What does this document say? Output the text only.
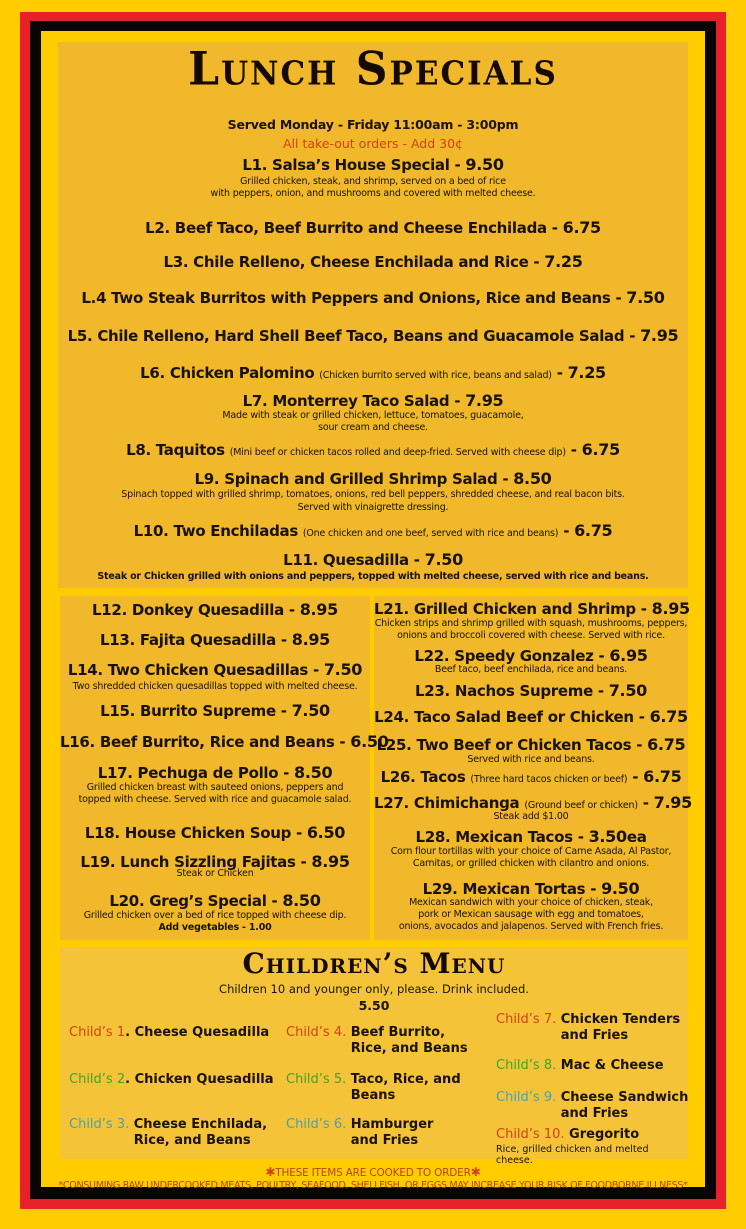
Lunch Specials
Served Monday - Friday 11:00am - 3:00pm
All take-out orders - Add 30¢
L1. Salsa’s House Special - 9.50
Grilled chicken, steak, and shrimp, served on a bed of rice
with peppers, onion, and mushrooms and covered with melted cheese.
L2. Beef Taco, Beef Burrito and Cheese Enchilada - 6.75
L3. Chile Relleno, Cheese Enchilada and Rice - 7.25
L.4 Two Steak Burritos with Peppers and Onions, Rice and Beans - 7.50
L5. Chile Relleno, Hard Shell Beef Taco, Beans and Guacamole Salad - 7.95
L6. Chicken Palomino (Chicken burrito served with rice, beans and salad) - 7.25
L7. Monterrey Taco Salad - 7.95
Made with steak or grilled chicken, lettuce, tomatoes, guacamole,
sour cream and cheese.
L8. Taquitos (Mini beef or chicken tacos rolled and deep-fried. Served with cheese dip) - 6.75
L9. Spinach and Grilled Shrimp Salad - 8.50
Spinach topped with grilled shrimp, tomatoes, onions, red bell peppers, shredded cheese, and real bacon bits.
Served with vinaigrette dressing.
L10. Two Enchiladas (One chicken and one beef, served with rice and beans) - 6.75
L11. Quesadilla - 7.50
Steak or Chicken grilled with onions and peppers, topped with melted cheese, served with rice and beans.
L12. Donkey Quesadilla - 8.95
L13. Fajita Quesadilla - 8.95
L14. Two Chicken Quesadillas - 7.50
Two shredded chicken quesadillas topped with melted cheese.
L15. Burrito Supreme - 7.50
L16. Beef Burrito, Rice and Beans - 6.50
L17. Pechuga de Pollo - 8.50
Grilled chicken breast with sauteed onions, peppers and
topped with cheese. Served with rice and guacamole salad.
L18. House Chicken Soup - 6.50
L19. Lunch Sizzling Fajitas - 8.95
Steak or Chicken
L20. Greg’s Special - 8.50
Grilled chicken over a bed of rice topped with cheese dip.
Add vegetables - 1.00
L21. Grilled Chicken and Shrimp - 8.95
Chicken strips and shrimp grilled with squash, mushrooms, peppers,
onions and broccoli covered with cheese. Served with rice.
L22. Speedy Gonzalez - 6.95
Beef taco, beef enchilada, rice and beans.
L23. Nachos Supreme - 7.50
L24. Taco Salad Beef or Chicken - 6.75
L25. Two Beef or Chicken Tacos - 6.75
Served with rice and beans.
L26. Tacos (Three hard tacos chicken or beef) - 6.75
L27. Chimichanga (Ground beef or chicken) - 7.95
Steak add $1.00
L28. Mexican Tacos - 3.50ea
Corn flour tortillas with your choice of Carne Asada, Al Pastor,
Carnitas, or grilled chicken with cilantro and onions.
L29. Mexican Tortas - 9.50
Mexican sandwich with your choice of chicken, steak,
pork or Mexican sausage with egg and tomatoes,
onions, avocados and jalapenos. Served with French fries.
Children’s Menu
Children 10 and younger only, please. Drink included.
5.50
Child’s 1. Cheese Quesadilla
Child’s 2. Chicken Quesadilla
Child’s 3. Cheese Enchilada,
Rice, and Beans
Child’s 4. Beef Burrito,
Rice, and Beans
Child’s 5. Taco, Rice, and
Beans
Child’s 6. Hamburger
and Fries
Child’s 7. Chicken Tenders
and Fries
Child’s 8. Mac & Cheese
Child’s 9. Cheese Sandwich
and Fries
Child’s 10. Gregorito
Rice, grilled chicken and melted
cheese.
✱THESE ITEMS ARE COOKED TO ORDER✱
*CONSUMING RAW UNDERCOOKED MEATS, POULTRY, SEAFOOD, SHELLFISH, OR EGGS MAY INCREASE YOUR RISK OF FOODBORNE ILLNESS*
